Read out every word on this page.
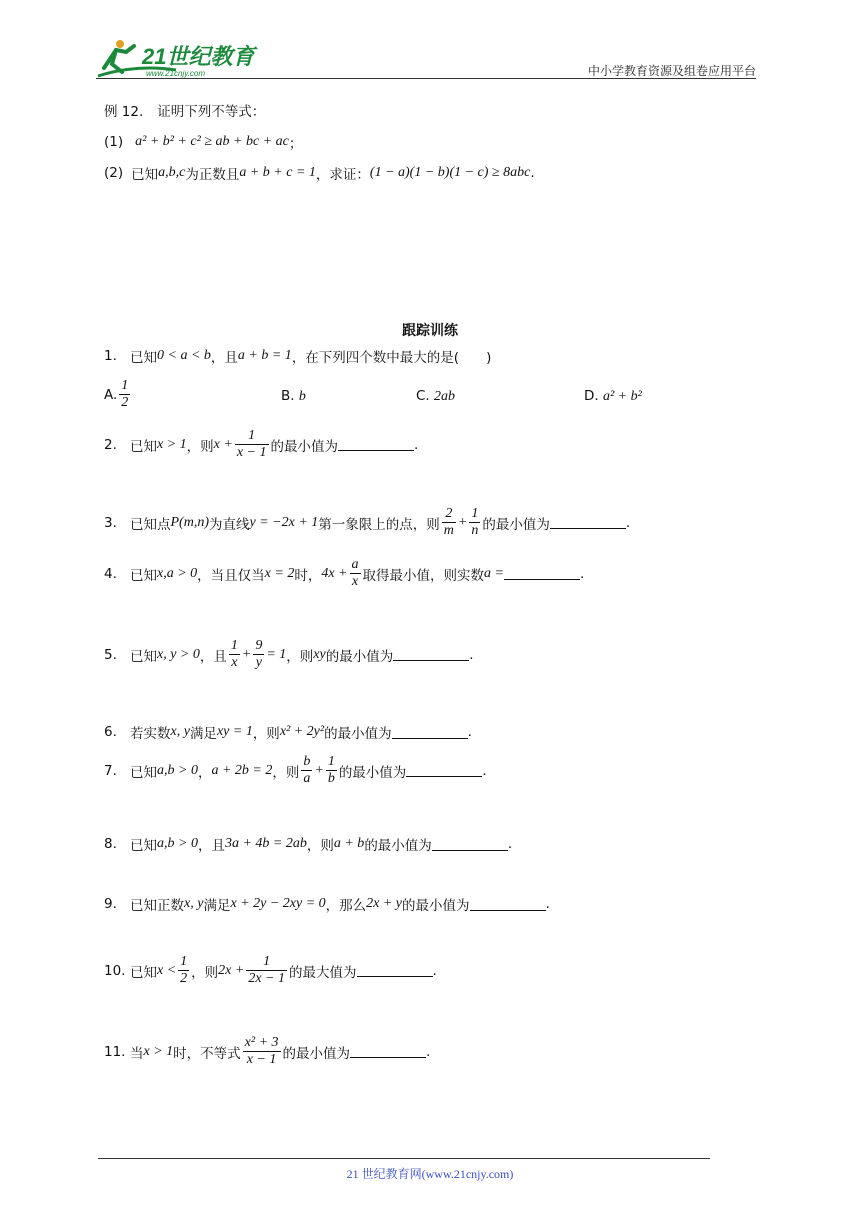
21世纪教育
www.21cnjy.com	中小学教育资源及组卷应用平台
例 12. 证明下列不等式：
(1) a² + b² + c² ≥ ab + bc + ac ；
(2) 已知 a,b,c 为正数且 a + b + c = 1 ，求证： (1 − a)(1 − b)(1 − c) ≥ 8abc .
跟踪训练
1. 已知 0 < a < b ，且 a + b = 1 ，在下列四个数中最大的是(　　)
A. $\frac{1}{2}$	B. b	C. 2ab	D. a² + b²
2. 已知 x > 1 ，则 $x + \frac{1}{x - 1}$ 的最小值为	.
3. 已知点 P(m,n) 为直线 y = −2x + 1 第一象限上的点，则 $\frac{2}{m} + \frac{1}{n}$ 的最小值为	.
4. 已知 x,a > 0 ，当且仅当 x = 2 时， $4x + \frac{a}{x}$ 取得最小值，则实数 a =	.
5. 已知 x, y > 0 ，且 $\frac{1}{x} + \frac{9}{y} = 1$ ，则 xy 的最小值为	.
6. 若实数 x, y 满足 xy = 1 ，则 x² + 2y² 的最小值为	.
7. 已知 a,b > 0 ， a + 2b = 2 ，则 $\frac{b}{a} + \frac{1}{b}$ 的最小值为	.
8. 已知 a,b > 0 ，且 3a + 4b = 2ab ，则 a + b 的最小值为	.
9. 已知正数 x, y 满足 x + 2y − 2xy = 0 ，那么 2x + y 的最小值为	.
10. 已知 $x < \frac{1}{2}$ ，则 $2x + \frac{1}{2x - 1}$ 的最大值为	.
11. 当 x > 1 时，不等式 $\frac{\text{x² + 3}}{x - 1}$ 的最小值为	.
21 世纪教育网(www.21cnjy.com)
